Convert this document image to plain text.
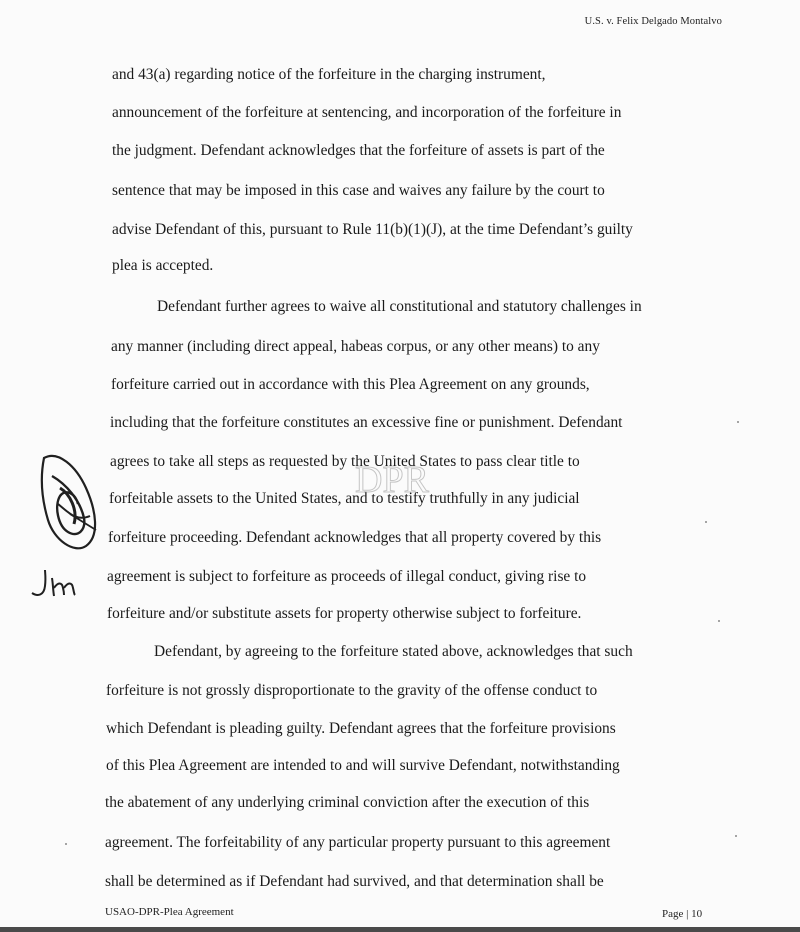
U.S. v. Felix Delgado Montalvo
and 43(a) regarding notice of the forfeiture in the charging instrument,
announcement of the forfeiture at sentencing, and incorporation of the forfeiture in
the judgment. Defendant acknowledges that the forfeiture of assets is part of the
sentence that may be imposed in this case and waives any failure by the court to
advise Defendant of this, pursuant to Rule 11(b)(1)(J), at the time Defendant’s guilty
plea is accepted.
Defendant further agrees to waive all constitutional and statutory challenges in
any manner (including direct appeal, habeas corpus, or any other means) to any
forfeiture carried out in accordance with this Plea Agreement on any grounds,
including that the forfeiture constitutes an excessive fine or punishment. Defendant
agrees to take all steps as requested by the United States to pass clear title to
forfeitable assets to the United States, and to testify truthfully in any judicial
forfeiture proceeding. Defendant acknowledges that all property covered by this
agreement is subject to forfeiture as proceeds of illegal conduct, giving rise to
forfeiture and/or substitute assets for property otherwise subject to forfeiture.
Defendant, by agreeing to the forfeiture stated above, acknowledges that such
forfeiture is not grossly disproportionate to the gravity of the offense conduct to
which Defendant is pleading guilty. Defendant agrees that the forfeiture provisions
of this Plea Agreement are intended to and will survive Defendant, notwithstanding
the abatement of any underlying criminal conviction after the execution of this
agreement. The forfeitability of any particular property pursuant to this agreement
shall be determined as if Defendant had survived, and that determination shall be
DPR
USAO-DPR-Plea Agreement	Page | 10
